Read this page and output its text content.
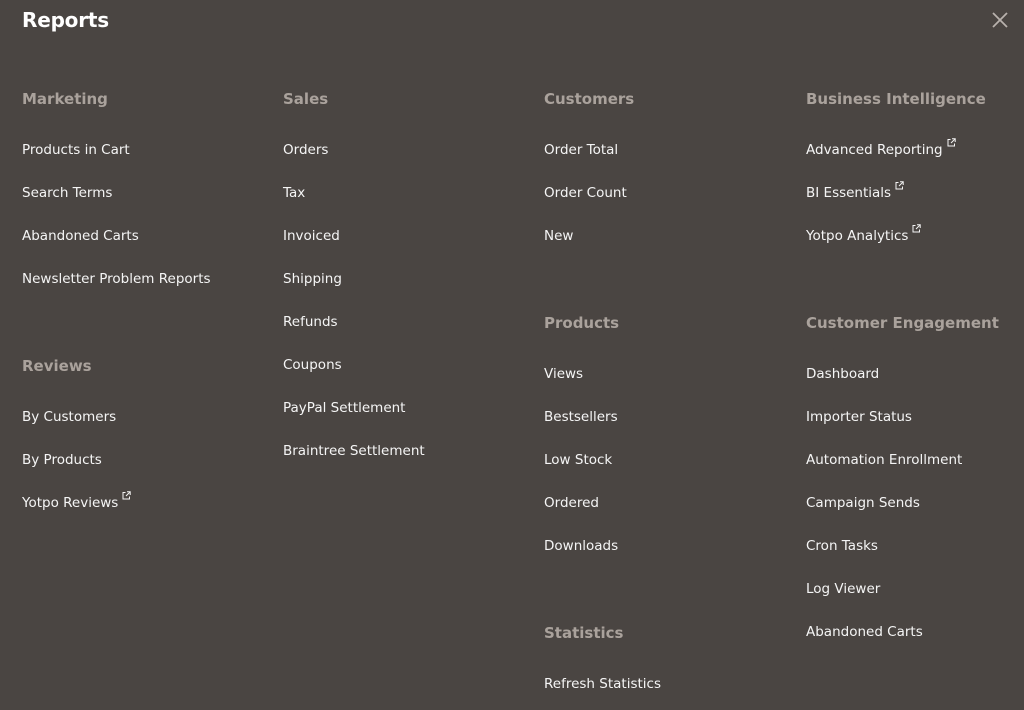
Reports
Marketing
Products in Cart
Search Terms
Abandoned Carts
Newsletter Problem Reports
Reviews
By Customers
By Products
Yotpo Reviews
Sales
Orders
Tax
Invoiced
Shipping
Refunds
Coupons
PayPal Settlement
Braintree Settlement
Customers
Order Total
Order Count
New
Products
Views
Bestsellers
Low Stock
Ordered
Downloads
Statistics
Refresh Statistics
Business Intelligence
Advanced Reporting
BI Essentials
Yotpo Analytics
Customer Engagement
Dashboard
Importer Status
Automation Enrollment
Campaign Sends
Cron Tasks
Log Viewer
Abandoned Carts
